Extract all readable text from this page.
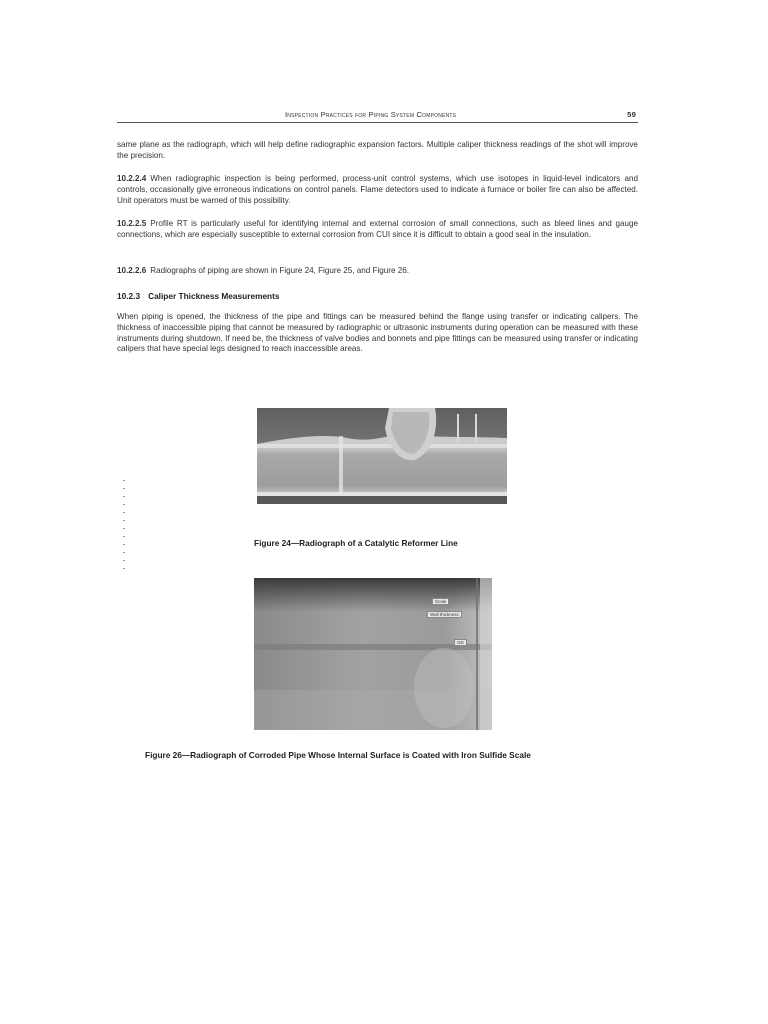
Inspection Practices for Piping System Components	59
same plane as the radiograph, which will help define radiographic expansion factors. Multiple caliper thickness readings of the shot will improve the precision.
10.2.2.4 When radiographic inspection is being performed, process-unit control systems, which use isotopes in liquid-level indicators and controls, occasionally give erroneous indications on control panels. Flame detectors used to indicate a furnace or boiler fire can also be affected. Unit operators must be warned of this possibility.
10.2.2.5 Profile RT is particularly useful for identifying internal and external corrosion of small connections, such as bleed lines and gauge connections, which are especially susceptible to external corrosion from CUI since it is difficult to obtain a good seal in the insulation.
10.2.2.6 Radiographs of piping are shown in Figure 24, Figure 25, and Figure 26.
10.2.3 Caliper Thickness Measurements
When piping is opened, the thickness of the pipe and fittings can be measured behind the flange using transfer or indicating calipers. The thickness of inaccessible piping that cannot be measured by radiographic or ultrasonic instruments during operation can be measured with these instruments during shutdown. If need be, the thickness of valve bodies and bonnets and pipe fittings can be measured using transfer or indicating calipers that have special legs designed to reach inaccessible areas.
Figure 24—Radiograph of a Catalytic Reformer Line
Scale
Wall thickness
OD
Figure 26—Radiograph of Corroded Pipe Whose Internal Surface is Coated with Iron Sulfide Scale
